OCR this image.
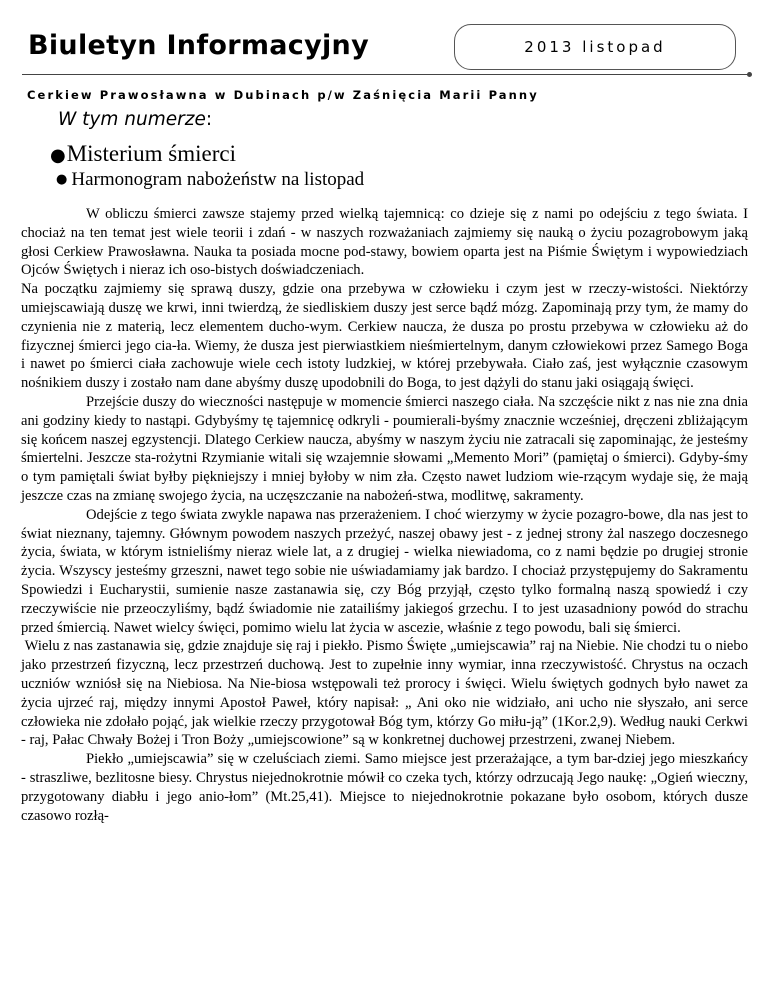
Biuletyn Informacyjny	2013 listopad
Cerkiew Prawosławna w Dubinach p/w Zaśnięcia Marii Panny
W tym numerze:
●Misterium śmierci
● Harmonogram nabożeństw na listopad

W obliczu śmierci zawsze stajemy przed wielką tajemnicą: co dzieje się z nami po odejściu z tego świata. I chociaż na ten temat jest wiele teorii i zdań - w naszych rozważaniach zajmiemy się nauką o życiu pozagrobowym jaką głosi Cerkiew Prawosławna. Nauka ta posiada mocne pod-stawy, bowiem oparta jest na Piśmie Świętym i wypowiedziach Ojców Świętych i nieraz ich oso-bistych doświadczeniach.

Na początku zajmiemy się sprawą duszy, gdzie ona przebywa w człowieku i czym jest w rzeczy-wistości. Niektórzy umiejscawiają duszę we krwi, inni twierdzą, że siedliskiem duszy jest serce bądź mózg. Zapominają przy tym, że mamy do czynienia nie z materią, lecz elementem ducho-wym. Cerkiew naucza, że dusza po prostu przebywa w człowieku aż do fizycznej śmierci jego cia-ła. Wiemy, że dusza jest pierwiastkiem nieśmiertelnym, danym człowiekowi przez Samego Boga i nawet po śmierci ciała zachowuje wiele cech istoty ludzkiej, w której przebywała. Ciało zaś, jest wyłącznie czasowym nośnikiem duszy i zostało nam dane abyśmy duszę upodobnili do Boga, to jest dążyli do stanu jaki osiągają święci.

Przejście duszy do wieczności następuje w momencie śmierci naszego ciała. Na szczęście nikt z nas nie zna dnia ani godziny kiedy to nastąpi. Gdybyśmy tę tajemnicę odkryli - poumierali-byśmy znacznie wcześniej, dręczeni zbliżającym się końcem naszej egzystencji. Dlatego Cerkiew naucza, abyśmy w naszym życiu nie zatracali się zapominając, że jesteśmy śmiertelni. Jeszcze sta-rożytni Rzymianie witali się wzajemnie słowami „Memento Mori” (pamiętaj o śmierci). Gdyby-śmy o tym pamiętali świat byłby piękniejszy i mniej byłoby w nim zła. Często nawet ludziom wie-rzącym wydaje się, że mają jeszcze czas na zmianę swojego życia, na uczęszczanie na nabożeń-stwa, modlitwę, sakramenty.

Odejście z tego świata zwykle napawa nas przerażeniem. I choć wierzymy w życie pozagro-bowe, dla nas jest to świat nieznany, tajemny. Głównym powodem naszych przeżyć, naszej obawy jest - z jednej strony żal naszego doczesnego życia, świata, w którym istnieliśmy nieraz wiele lat, a z drugiej - wielka niewiadoma, co z nami będzie po drugiej stronie życia. Wszyscy jesteśmy grzeszni, nawet tego sobie nie uświadamiamy jak bardzo. I chociaż przystępujemy do Sakramentu Spowiedzi i Eucharystii, sumienie nasze zastanawia się, czy Bóg przyjął, często tylko formalną naszą spowiedź i czy rzeczywiście nie przeoczyliśmy, bądź świadomie nie zatailiśmy jakiegoś grzechu. I to jest uzasadniony powód do strachu przed śmiercią. Nawet wielcy święci, pomimo wielu lat życia w ascezie, właśnie z tego powodu, bali się śmierci.

Wielu z nas zastanawia się, gdzie znajduje się raj i piekło. Pismo Święte „umiejscawia” raj na Niebie. Nie chodzi tu o niebo jako przestrzeń fizyczną, lecz przestrzeń duchową. Jest to zupełnie inny wymiar, inna rzeczywistość. Chrystus na oczach uczniów wzniósł się na Niebiosa. Na Nie-biosa wstępowali też prorocy i święci. Wielu świętych godnych było nawet za życia ujrzeć raj, między innymi Apostoł Paweł, który napisał: „ Ani oko nie widziało, ani ucho nie słyszało, ani serce człowieka nie zdołało pojąć, jak wielkie rzeczy przygotował Bóg tym, którzy Go miłu-ją” (1Kor.2,9). Według nauki Cerkwi - raj, Pałac Chwały Bożej i Tron Boży „umiejscowione” są w konkretnej duchowej przestrzeni, zwanej Niebem.

Piekło „umiejscawia” się w czeluściach ziemi. Samo miejsce jest przerażające, a tym bar-dziej jego mieszkańcy - straszliwe, bezlitosne biesy. Chrystus niejednokrotnie mówił co czeka tych, którzy odrzucają Jego naukę: „Ogień wieczny, przygotowany diabłu i jego anio-łom” (Mt.25,41). Miejsce to niejednokrotnie pokazane było osobom, których dusze czasowo rozłą-
